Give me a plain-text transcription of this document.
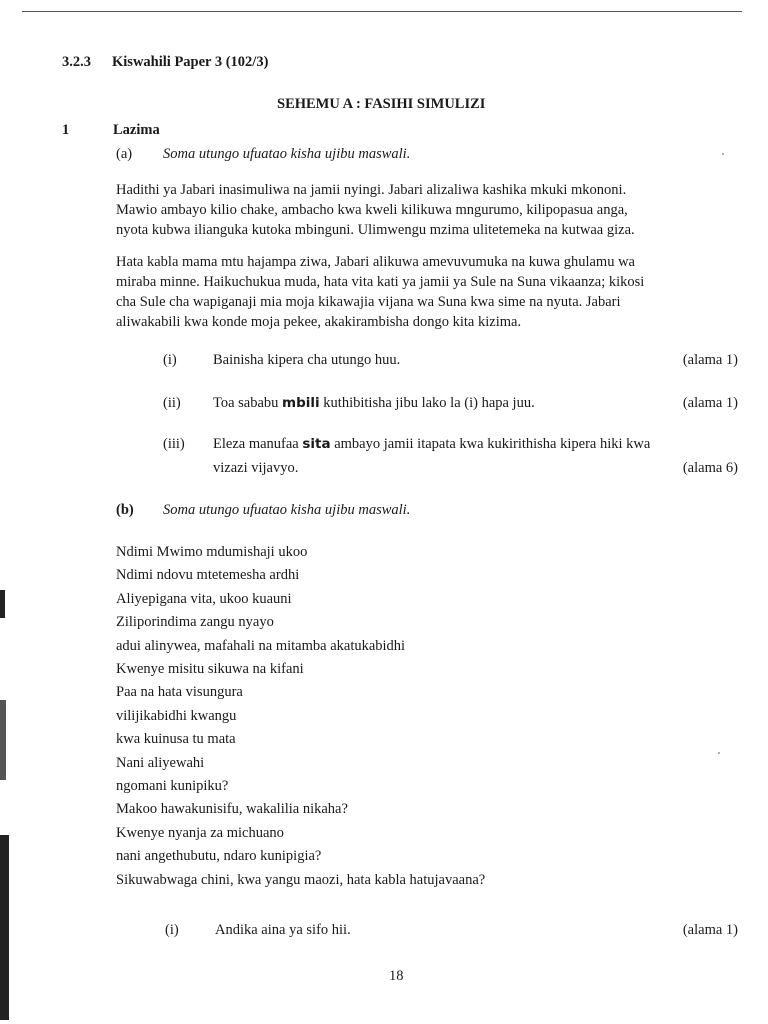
3.2.3 Kiswahili Paper 3 (102/3)
SEHEMU A : FASIHI SIMULIZI
1	Lazima
(a) Soma utungo ufuatao kisha ujibu maswali.
Hadithi ya Jabari inasimuliwa na jamii nyingi. Jabari alizaliwa kashika mkuki mkononi.
Mawio ambayo kilio chake, ambacho kwa kweli kilikuwa mngurumo, kilipopasua anga,
nyota kubwa ilianguka kutoka mbinguni. Ulimwengu mzima ulitetemeka na kutwaa giza.
Hata kabla mama mtu hajampa ziwa, Jabari alikuwa amevuvumuka na kuwa ghulamu wa
miraba minne. Haikuchukua muda, hata vita kati ya jamii ya Sule na Suna vikaanza; kikosi
cha Sule cha wapiganaji mia moja kikawajia vijana wa Suna kwa sime na nyuta. Jabari
aliwakabili kwa konde moja pekee, akakirambisha dongo kita kizima.
(i)	Bainisha kipera cha utungo huu.	(alama 1)
(ii) Toa sababu mbili kuthibitisha jibu lako la (i) hapa juu.	(alama 1)
(iii) Eleza manufaa sita ambayo jamii itapata kwa kukirithisha kipera hiki kwa
vizazi vijavyo.	(alama 6)
(b) Soma utungo ufuatao kisha ujibu maswali.
Ndimi Mwimo mdumishaji ukoo
Ndimi ndovu mtetemesha ardhi
Aliyepigana vita, ukoo kuauni
Ziliporindima zangu nyayo
adui alinywea, mafahali na mitamba akatukabidhi
Kwenye misitu sikuwa na kifani
Paa na hata visungura
vilijikabidhi kwangu
kwa kuinusa tu mata
Nani aliyewahi
ngomani kunipiku?
Makoo hawakunisifu, wakalilia nikaha?
Kwenye nyanja za michuano
nani angethubutu, ndaro kunipigia?
Sikuwabwaga chini, kwa yangu maozi, hata kabla hatujavaana?
(i)	Andika aina ya sifo hii.	(alama 1)
18
